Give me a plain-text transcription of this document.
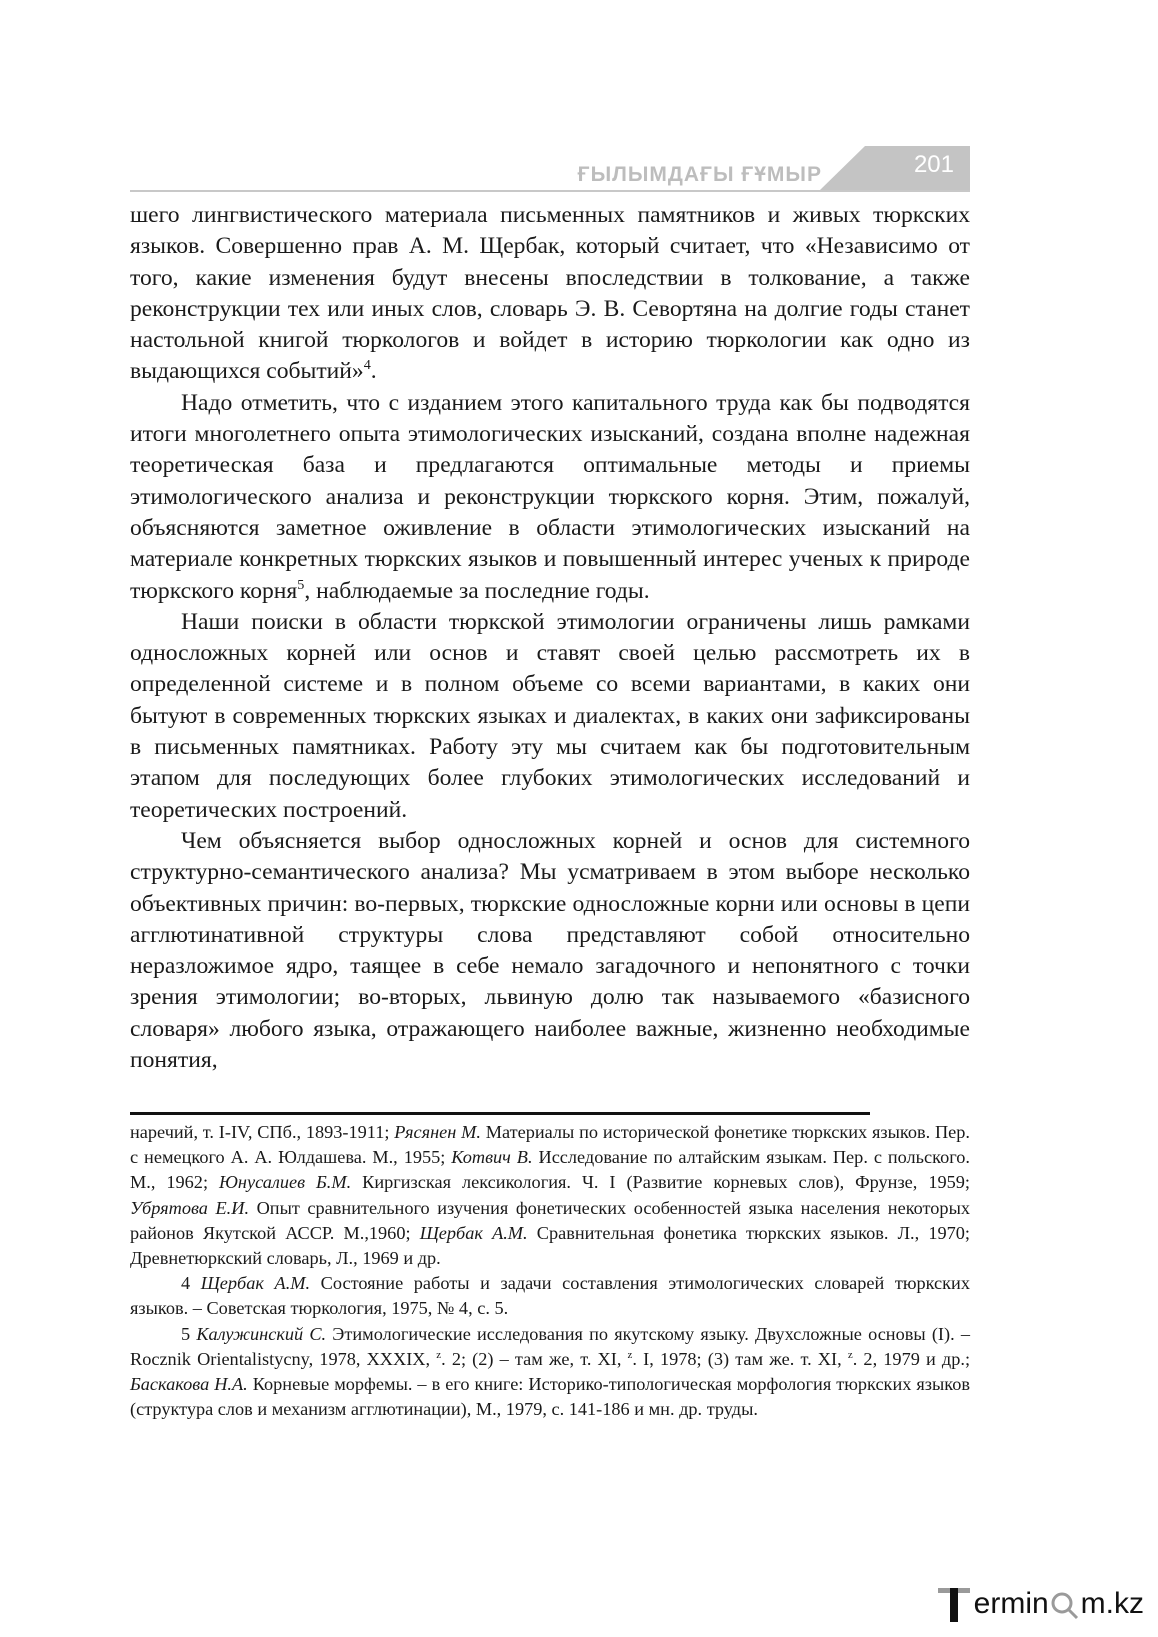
ҒЫЛЫМДАҒЫ ҒҰМЫР	201

шего лингвистического материала письменных памятников и живых тюркских языков. Совершенно прав А. М. Щербак, который считает, что «Независимо от того, какие изменения будут внесены впоследствии в толкование, а также реконструкции тех или иных слов, словарь Э. В. Севортяна на долгие годы станет настольной книгой тюркологов и войдет в историю тюркологии как одно из выдающихся событий»$^4$.

Надо отметить, что с изданием этого капитального труда как бы подводятся итоги многолетнего опыта этимологических изысканий, создана вполне надежная теоретическая база и предлагаются оптимальные методы и приемы этимологического анализа и реконструкции тюркского корня. Этим, пожалуй, объясняются заметное оживление в области этимологических изысканий на материале конкретных тюркских языков и повышенный интерес ученых к природе тюркского корня$^5$, наблюдаемые за последние годы.

Наши поиски в области тюркской этимологии ограничены лишь рамками односложных корней или основ и ставят своей целью рассмотреть их в определенной системе и в полном объеме со всеми вариантами, в каких они бытуют в современных тюркских языках и диалектах, в каких они зафиксированы в письменных памятниках. Работу эту мы считаем как бы подготовительным этапом для последующих более глубоких этимологических исследований и теоретических построений.

Чем объясняется выбор односложных корней и основ для системного структурно-семантического анализа? Мы усматриваем в этом выборе несколько объективных причин: во-первых, тюркские односложные корни или основы в цепи агглютинативной структуры слова представляют собой относительно неразложимое ядро, таящее в себе немало загадочного и непонятного с точки зрения этимологии; во-вторых, львиную долю так называемого «базисного словаря» любого языка, отражающего наиболее важные, жизненно необходимые понятия,

наречий, т. I-IV, СПб., 1893-1911; Рясянен М. Материалы по исторической фонетике тюркских языков. Пер. с немецкого А. А. Юлдашева. М., 1955; Котвич В. Исследование по алтайским языкам. Пер. с польского. М., 1962; Юнусалиев Б.М. Киргизская лексикология. Ч. I (Развитие корневых слов), Фрунзе, 1959; Убрятова Е.И. Опыт сравнительного изучения фонетических особенностей языка населения некоторых районов Якутской АССР. М.,1960; Щербак А.М. Сравнительная фонетика тюркских языков. Л., 1970; Древнетюркский словарь, Л., 1969 и др.

4 Щербак А.М. Состояние работы и задачи составления этимологических словарей тюркских языков. – Советская тюркология, 1975, № 4, с. 5.

5 Калужинский С. Этимологические исследования по якутскому языку. Двухсложные основы (I). –Rocznik Orientalistycny, 1978, XXXIX, $^z$. 2; (2) – там же, т. XI, $^z$. I, 1978; (3) там же. т. XI, $^z$. 2, 1979 и др.; Баскакова Н.А. Корневые морфемы. – в его книге: Историко-типологическая морфология тюркских языков (структура слов и механизм агглютинации), М., 1979, с. 141-186 и мн. др. труды.

ermin m.kz
